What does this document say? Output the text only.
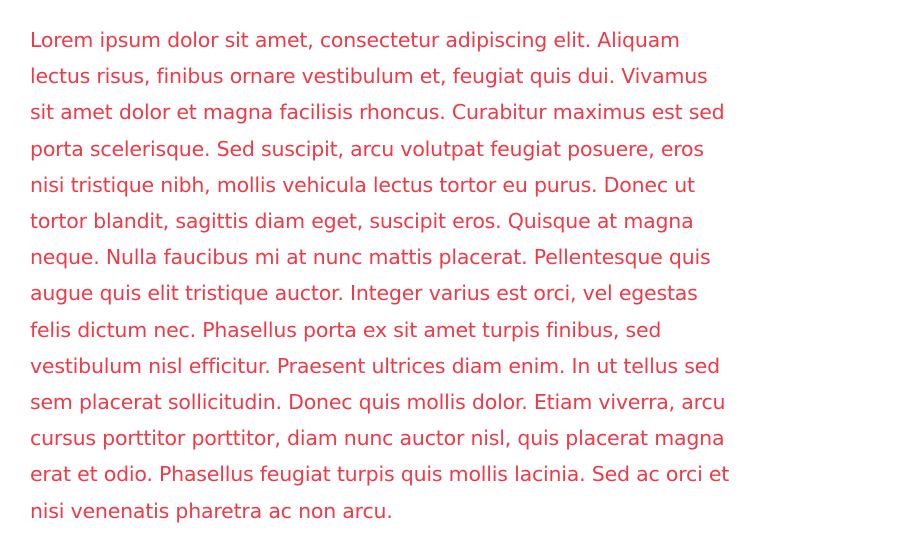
Lorem ipsum dolor sit amet, consectetur adipiscing elit. Aliquam
lectus risus, finibus ornare vestibulum et, feugiat quis dui. Vivamus
sit amet dolor et magna facilisis rhoncus. Curabitur maximus est sed
porta scelerisque. Sed suscipit, arcu volutpat feugiat posuere, eros
nisi tristique nibh, mollis vehicula lectus tortor eu purus. Donec ut
tortor blandit, sagittis diam eget, suscipit eros. Quisque at magna
neque. Nulla faucibus mi at nunc mattis placerat. Pellentesque quis
augue quis elit tristique auctor. Integer varius est orci, vel egestas
felis dictum nec. Phasellus porta ex sit amet turpis finibus, sed
vestibulum nisl efficitur. Praesent ultrices diam enim. In ut tellus sed
sem placerat sollicitudin. Donec quis mollis dolor. Etiam viverra, arcu
cursus porttitor porttitor, diam nunc auctor nisl, quis placerat magna
erat et odio. Phasellus feugiat turpis quis mollis lacinia. Sed ac orci et
nisi venenatis pharetra ac non arcu.
